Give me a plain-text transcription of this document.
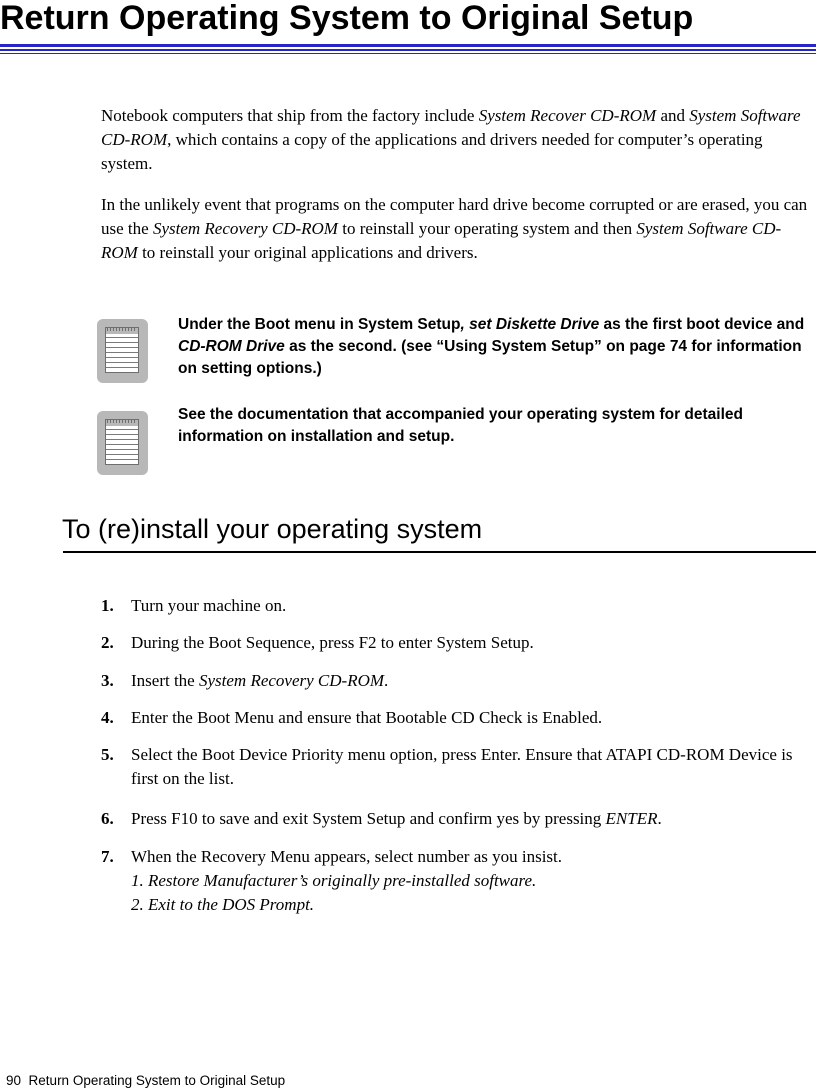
Return Operating System to Original Setup

Notebook computers that ship from the factory include System Recover CD-ROM and System Software CD-ROM, which contains a copy of the applications and drivers needed for computer’s operating system.

In the unlikely event that programs on the computer hard drive become corrupted or are erased, you can use the System Recovery CD-ROM to reinstall your operating system and then System Software CD-ROM to reinstall your original applications and drivers.

Under the Boot menu in System Setup, set Diskette Drive as the first boot device and CD-ROM Drive as the second. (see “Using System Setup” on page 74 for information on setting options.)

See the documentation that accompanied your operating system for detailed information on installation and setup.

To (re)install your operating system
1. Turn your machine on.
2. During the Boot Sequence, press F2 to enter System Setup.
3. Insert the System Recovery CD-ROM.
4. Enter the Boot Menu and ensure that Bootable CD Check is Enabled.
5. Select the Boot Device Priority menu option, press Enter. Ensure that ATAPI CD-ROM Device is first on the list.
6. Press F10 to save and exit System Setup and confirm yes by pressing ENTER.
7. When the Recovery Menu appears, select number as you insist.
1. Restore Manufacturer’s originally pre-installed software.
2. Exit to the DOS Prompt.

90 Return Operating System to Original Setup
